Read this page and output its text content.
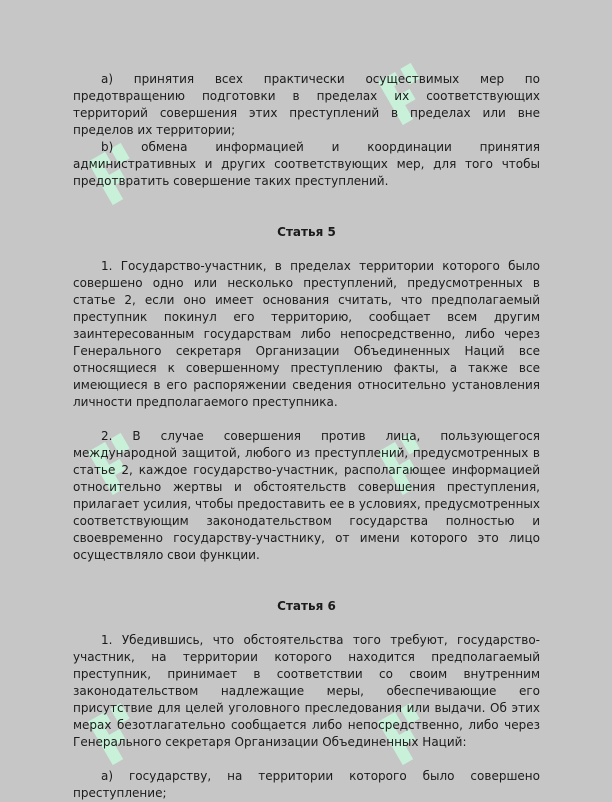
а) принятия всех практически осуществимых мер по предотвращению подготовки в пределах их соответствующих территорий совершения этих преступлений в пределах или вне пределов их территории;

b) обмена информацией и координации принятия административных и других соответствующих мер, для того чтобы предотвратить совершение таких преступлений.

Статья 5

1. Государство-участник, в пределах территории которого было совершено одно или несколько преступлений, предусмотренных в статье 2, если оно имеет основания считать, что предполагаемый преступник покинул его территорию, сообщает всем другим заинтересованным государствам либо непосредственно, либо через Генерального секретаря Организации Объединенных Наций все относящиеся к совершенному преступлению факты, а также все имеющиеся в его распоряжении сведения относительно установления личности предполагаемого преступника.

2. В случае совершения против лица, пользующегося международной защитой, любого из преступлений, предусмотренных в статье 2, каждое государство-участник, располагающее информацией относительно жертвы и обстоятельств совершения преступления, прилагает усилия, чтобы предоставить ее в условиях, предусмотренных соответствующим законодательством государства полностью и своевременно государству-участнику, от имени которого это лицо осуществляло свои функции.

Статья 6

1. Убедившись, что обстоятельства того требуют, государство- участник, на территории которого находится предполагаемый преступник, принимает в соответствии со своим внутренним законодательством надлежащие меры, обеспечивающие его присутствие для целей уголовного преследования или выдачи. Об этих мерах безотлагательно сообщается либо непосредственно, либо через Генерального секретаря Организации Объединенных Наций:

а) государству, на территории которого было совершено преступление;
